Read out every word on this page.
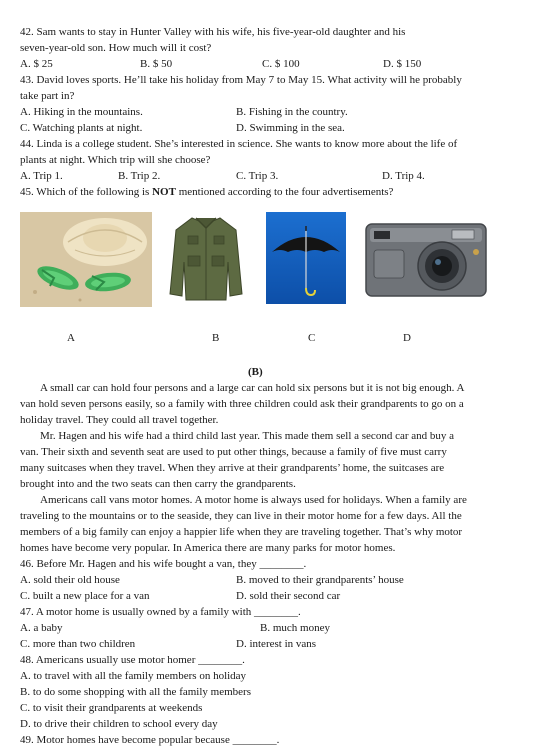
42. Sam wants to stay in Hunter Valley with his wife, his five-year-old daughter and his
seven-year-old son. How much will it cost?
A. $ 25	B. $ 50	C. $ 100	D. $ 150
43. David loves sports. He’ll take his holiday from May 7 to May 15. What activity will he probably
take part in?
A. Hiking in the mountains.	B. Fishing in the country.
C. Watching plants at night.	D. Swimming in the sea.
44. Linda is a college student. She’s interested in science. She wants to know more about the life of
plants at night. Which trip will she choose?
A. Trip 1.	B. Trip 2.	C. Trip 3.	D. Trip 4.
45. Which of the following is NOT mentioned according to the four advertisements?
A	B	C	D
(B)
A small car can hold four persons and a large car can hold six persons but it is not big enough. A
van hold seven persons easily, so a family with three children could ask their grandparents to go on a
holiday travel. They could all travel together.
Mr. Hagen and his wife had a third child last year. This made them sell a second car and buy a
van. Their sixth and seventh seat are used to put other things, because a family of five must carry
many suitcases when they travel. When they arrive at their grandparents’ home, the suitcases are
brought into and the two seats can then carry the grandparents.
Americans call vans motor homes. A motor home is always used for holidays. When a family are
traveling to the mountains or to the seaside, they can live in their motor home for a few days. All the
members of a big family can enjoy a happier life when they are traveling together. That’s why motor
homes have become very popular. In America there are many parks for motor homes.
46. Before Mr. Hagen and his wife bought a van, they ________.
A. sold their old house	B. moved to their grandparents’ house
C. built a new place for a van	D. sold their second car
47. A motor home is usually owned by a family with ________.
A. a baby	B. much money
C. more than two children	D. interest in vans
48. Americans usually use motor homer ________.
A. to travel with all the family members on holiday
B. to do some shopping with all the family members
C. to visit their grandparents at weekends
D. to drive their children to school every day
49. Motor homes have become popular because ________.
